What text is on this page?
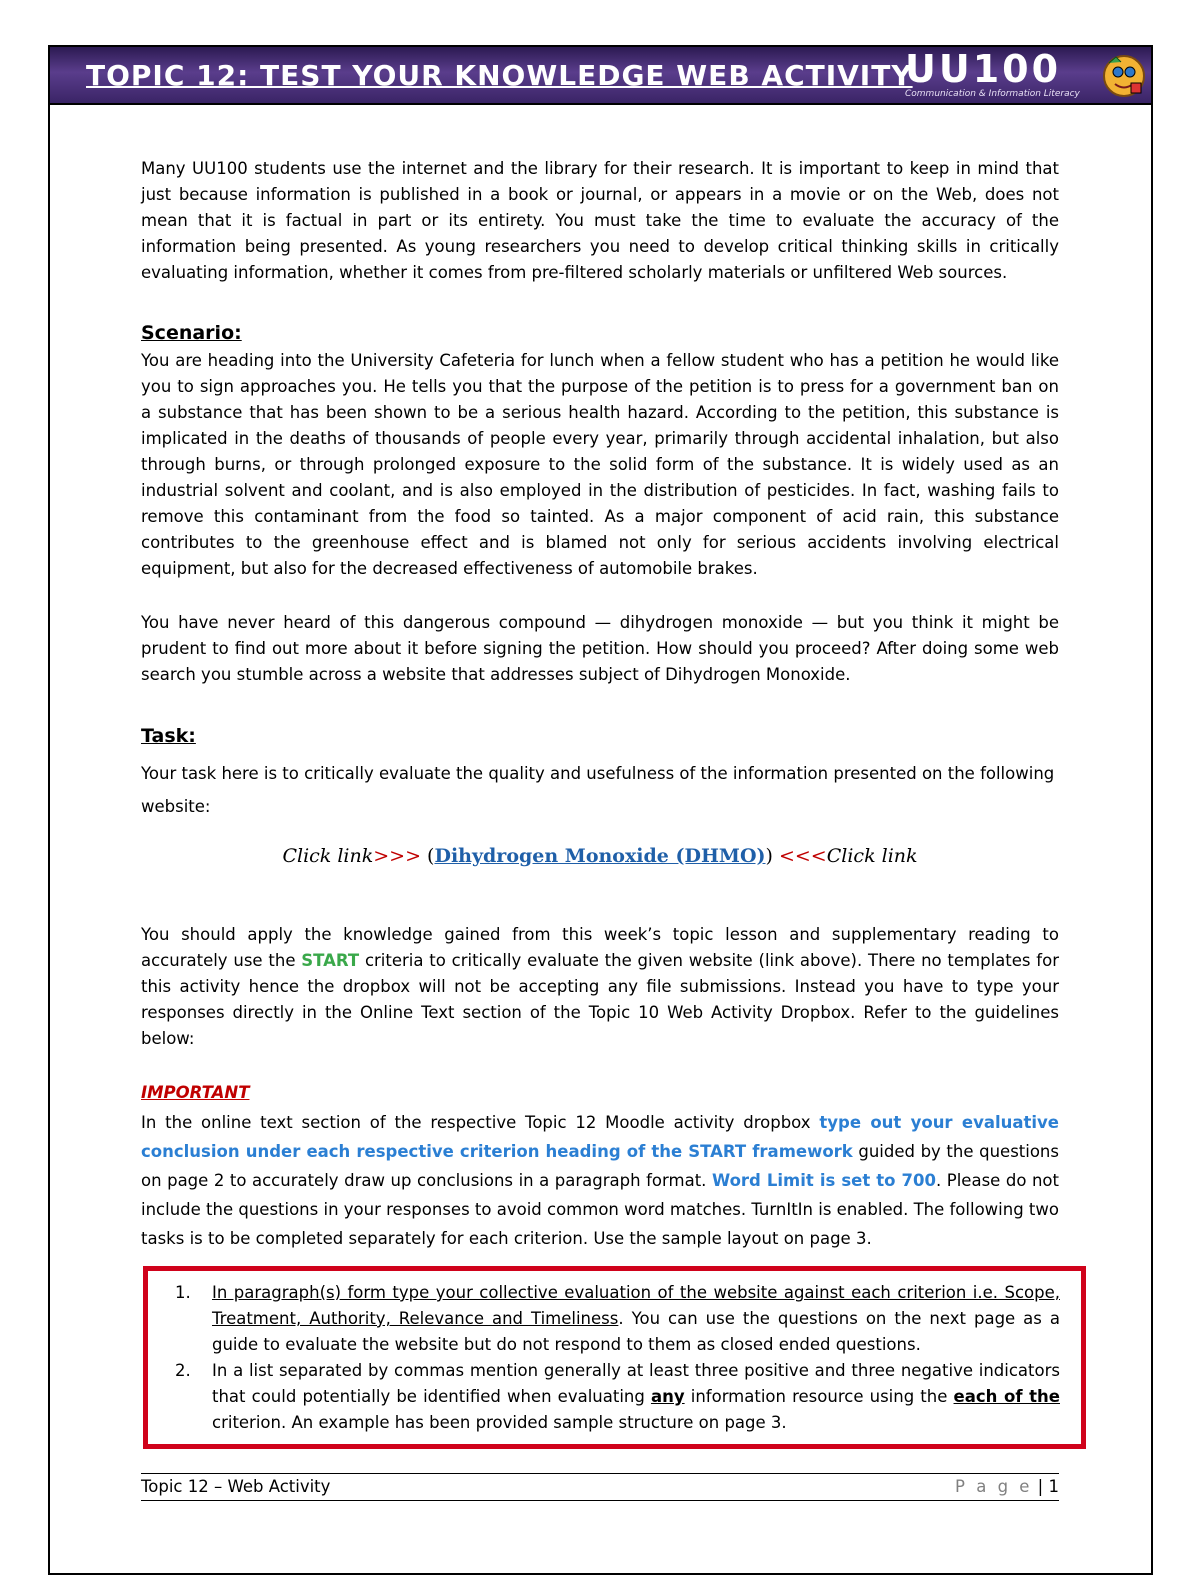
TOPIC 12: TEST YOUR KNOWLEDGE WEB ACTIVITY
UU100
Communication & Information Literacy
Many UU100 students use the internet and the library for their research. It is important to keep in mind that just because information is published in a book or journal, or appears in a movie or on the Web, does not mean that it is factual in part or its entirety. You must take the time to evaluate the accuracy of the information being presented. As young researchers you need to develop critical thinking skills in critically evaluating information, whether it comes from pre-filtered scholarly materials or unfiltered Web sources.
Scenario:
You are heading into the University Cafeteria for lunch when a fellow student who has a petition he would like you to sign approaches you. He tells you that the purpose of the petition is to press for a government ban on a substance that has been shown to be a serious health hazard. According to the petition, this substance is implicated in the deaths of thousands of people every year, primarily through accidental inhalation, but also through burns, or through prolonged exposure to the solid form of the substance. It is widely used as an industrial solvent and coolant, and is also employed in the distribution of pesticides. In fact, washing fails to remove this contaminant from the food so tainted. As a major component of acid rain, this substance contributes to the greenhouse effect and is blamed not only for serious accidents involving electrical equipment, but also for the decreased effectiveness of automobile brakes.
You have never heard of this dangerous compound — dihydrogen monoxide — but you think it might be prudent to find out more about it before signing the petition. How should you proceed? After doing some web search you stumble across a website that addresses subject of Dihydrogen Monoxide.
Task:
Your task here is to critically evaluate the quality and usefulness of the information presented on the following website:
Click link>>> (Dihydrogen Monoxide (DHMO)) <<<Click link
You should apply the knowledge gained from this week’s topic lesson and supplementary reading to accurately use the START criteria to critically evaluate the given website (link above). There no templates for this activity hence the dropbox will not be accepting any file submissions. Instead you have to type your responses directly in the Online Text section of the Topic 10 Web Activity Dropbox. Refer to the guidelines below:
IMPORTANT
In the online text section of the respective Topic 12 Moodle activity dropbox type out your evaluative conclusion under each respective criterion heading of the START framework guided by the questions on page 2 to accurately draw up conclusions in a paragraph format. Word Limit is set to 700. Please do not include the questions in your responses to avoid common word matches. TurnItIn is enabled. The following two tasks is to be completed separately for each criterion. Use the sample layout on page 3.
1. In paragraph(s) form type your collective evaluation of the website against each criterion i.e. Scope, Treatment, Authority, Relevance and Timeliness. You can use the questions on the next page as a guide to evaluate the website but do not respond to them as closed ended questions.
2. In a list separated by commas mention generally at least three positive and three negative indicators that could potentially be identified when evaluating any information resource using the each of the criterion. An example has been provided sample structure on page 3.
Topic 12 – Web Activity	P a g e | 1
